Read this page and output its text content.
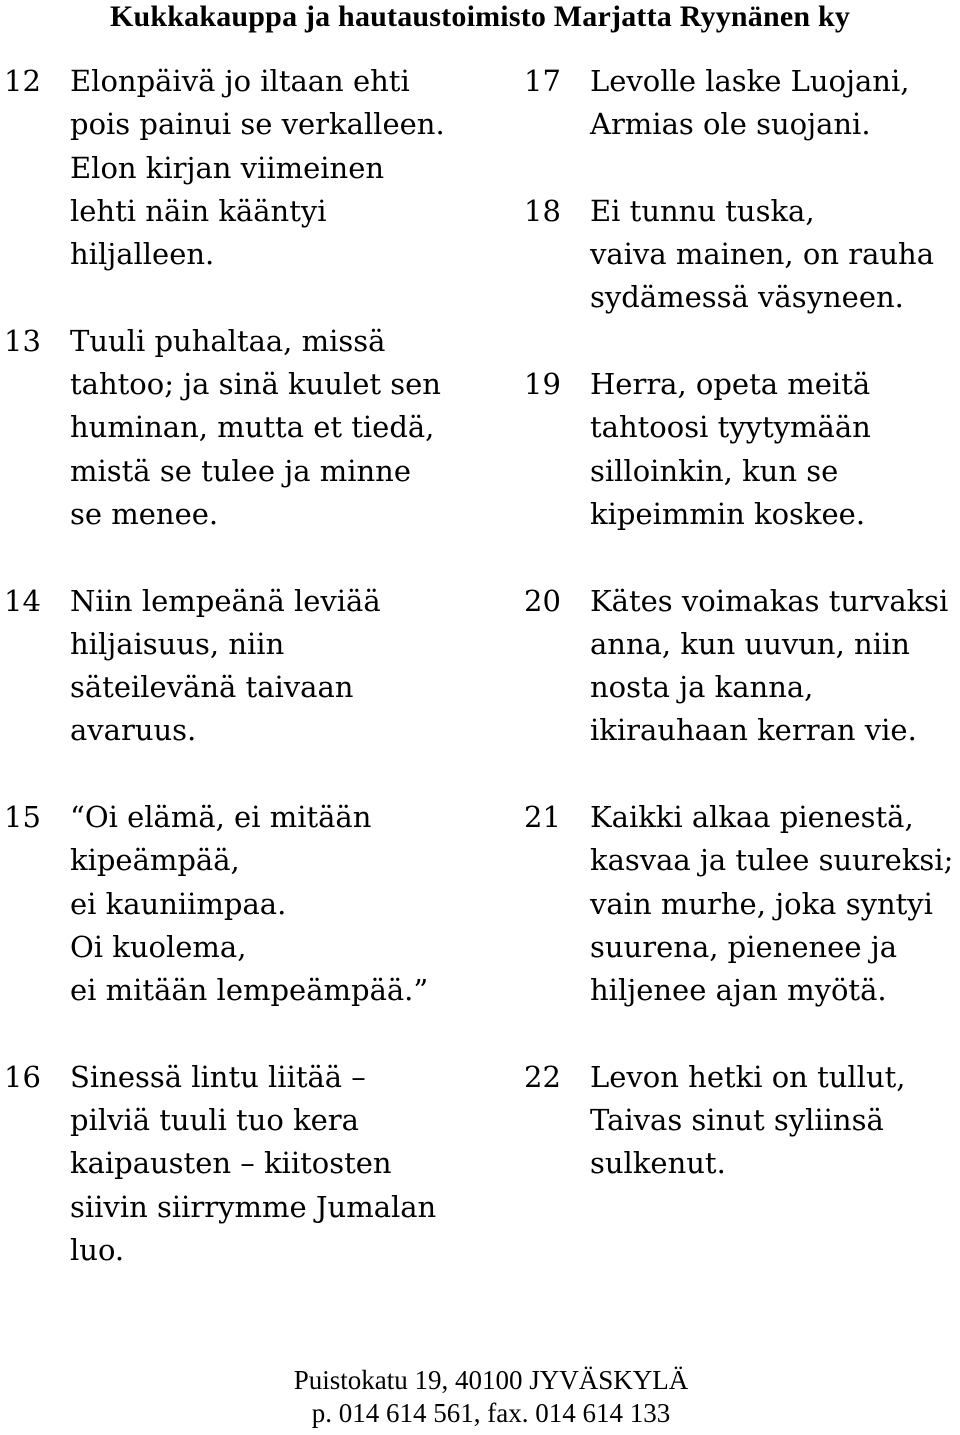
Kukkakauppa ja hautaustoimisto Marjatta Ryynänen ky
12	Elonpäivä jo iltaan ehti
pois painui se verkalleen.
Elon kirjan viimeinen
lehti näin kääntyi
hiljalleen.
13	Tuuli puhaltaa, missä
tahtoo; ja sinä kuulet sen
huminan, mutta et tiedä,
mistä se tulee ja minne
se menee.
14	Niin lempeänä leviää
hiljaisuus, niin
säteilevänä taivaan
avaruus.
15	“Oi elämä, ei mitään
kipeämpää,
ei kauniimpaa.
Oi kuolema,
ei mitään lempeämpää.”
16	Sinessä lintu liitää –
pilviä tuuli tuo kera
kaipausten – kiitosten
siivin siirrymme Jumalan
luo.
17	Levolle laske Luojani,
Armias ole suojani.
18	Ei tunnu tuska,
vaiva mainen, on rauha
sydämessä väsyneen.
19	Herra, opeta meitä
tahtoosi tyytymään
silloinkin, kun se
kipeimmin koskee.
20	Kätes voimakas turvaksi
anna, kun uuvun, niin
nosta ja kanna,
ikirauhaan kerran vie.
21	Kaikki alkaa pienestä,
kasvaa ja tulee suureksi;
vain murhe, joka syntyi
suurena, pienenee ja
hiljenee ajan myötä.
22	Levon hetki on tullut,
Taivas sinut syliinsä
sulkenut.
Puistokatu 19, 40100 JYVÄSKYLÄ
p. 014 614 561, fax. 014 614 133
